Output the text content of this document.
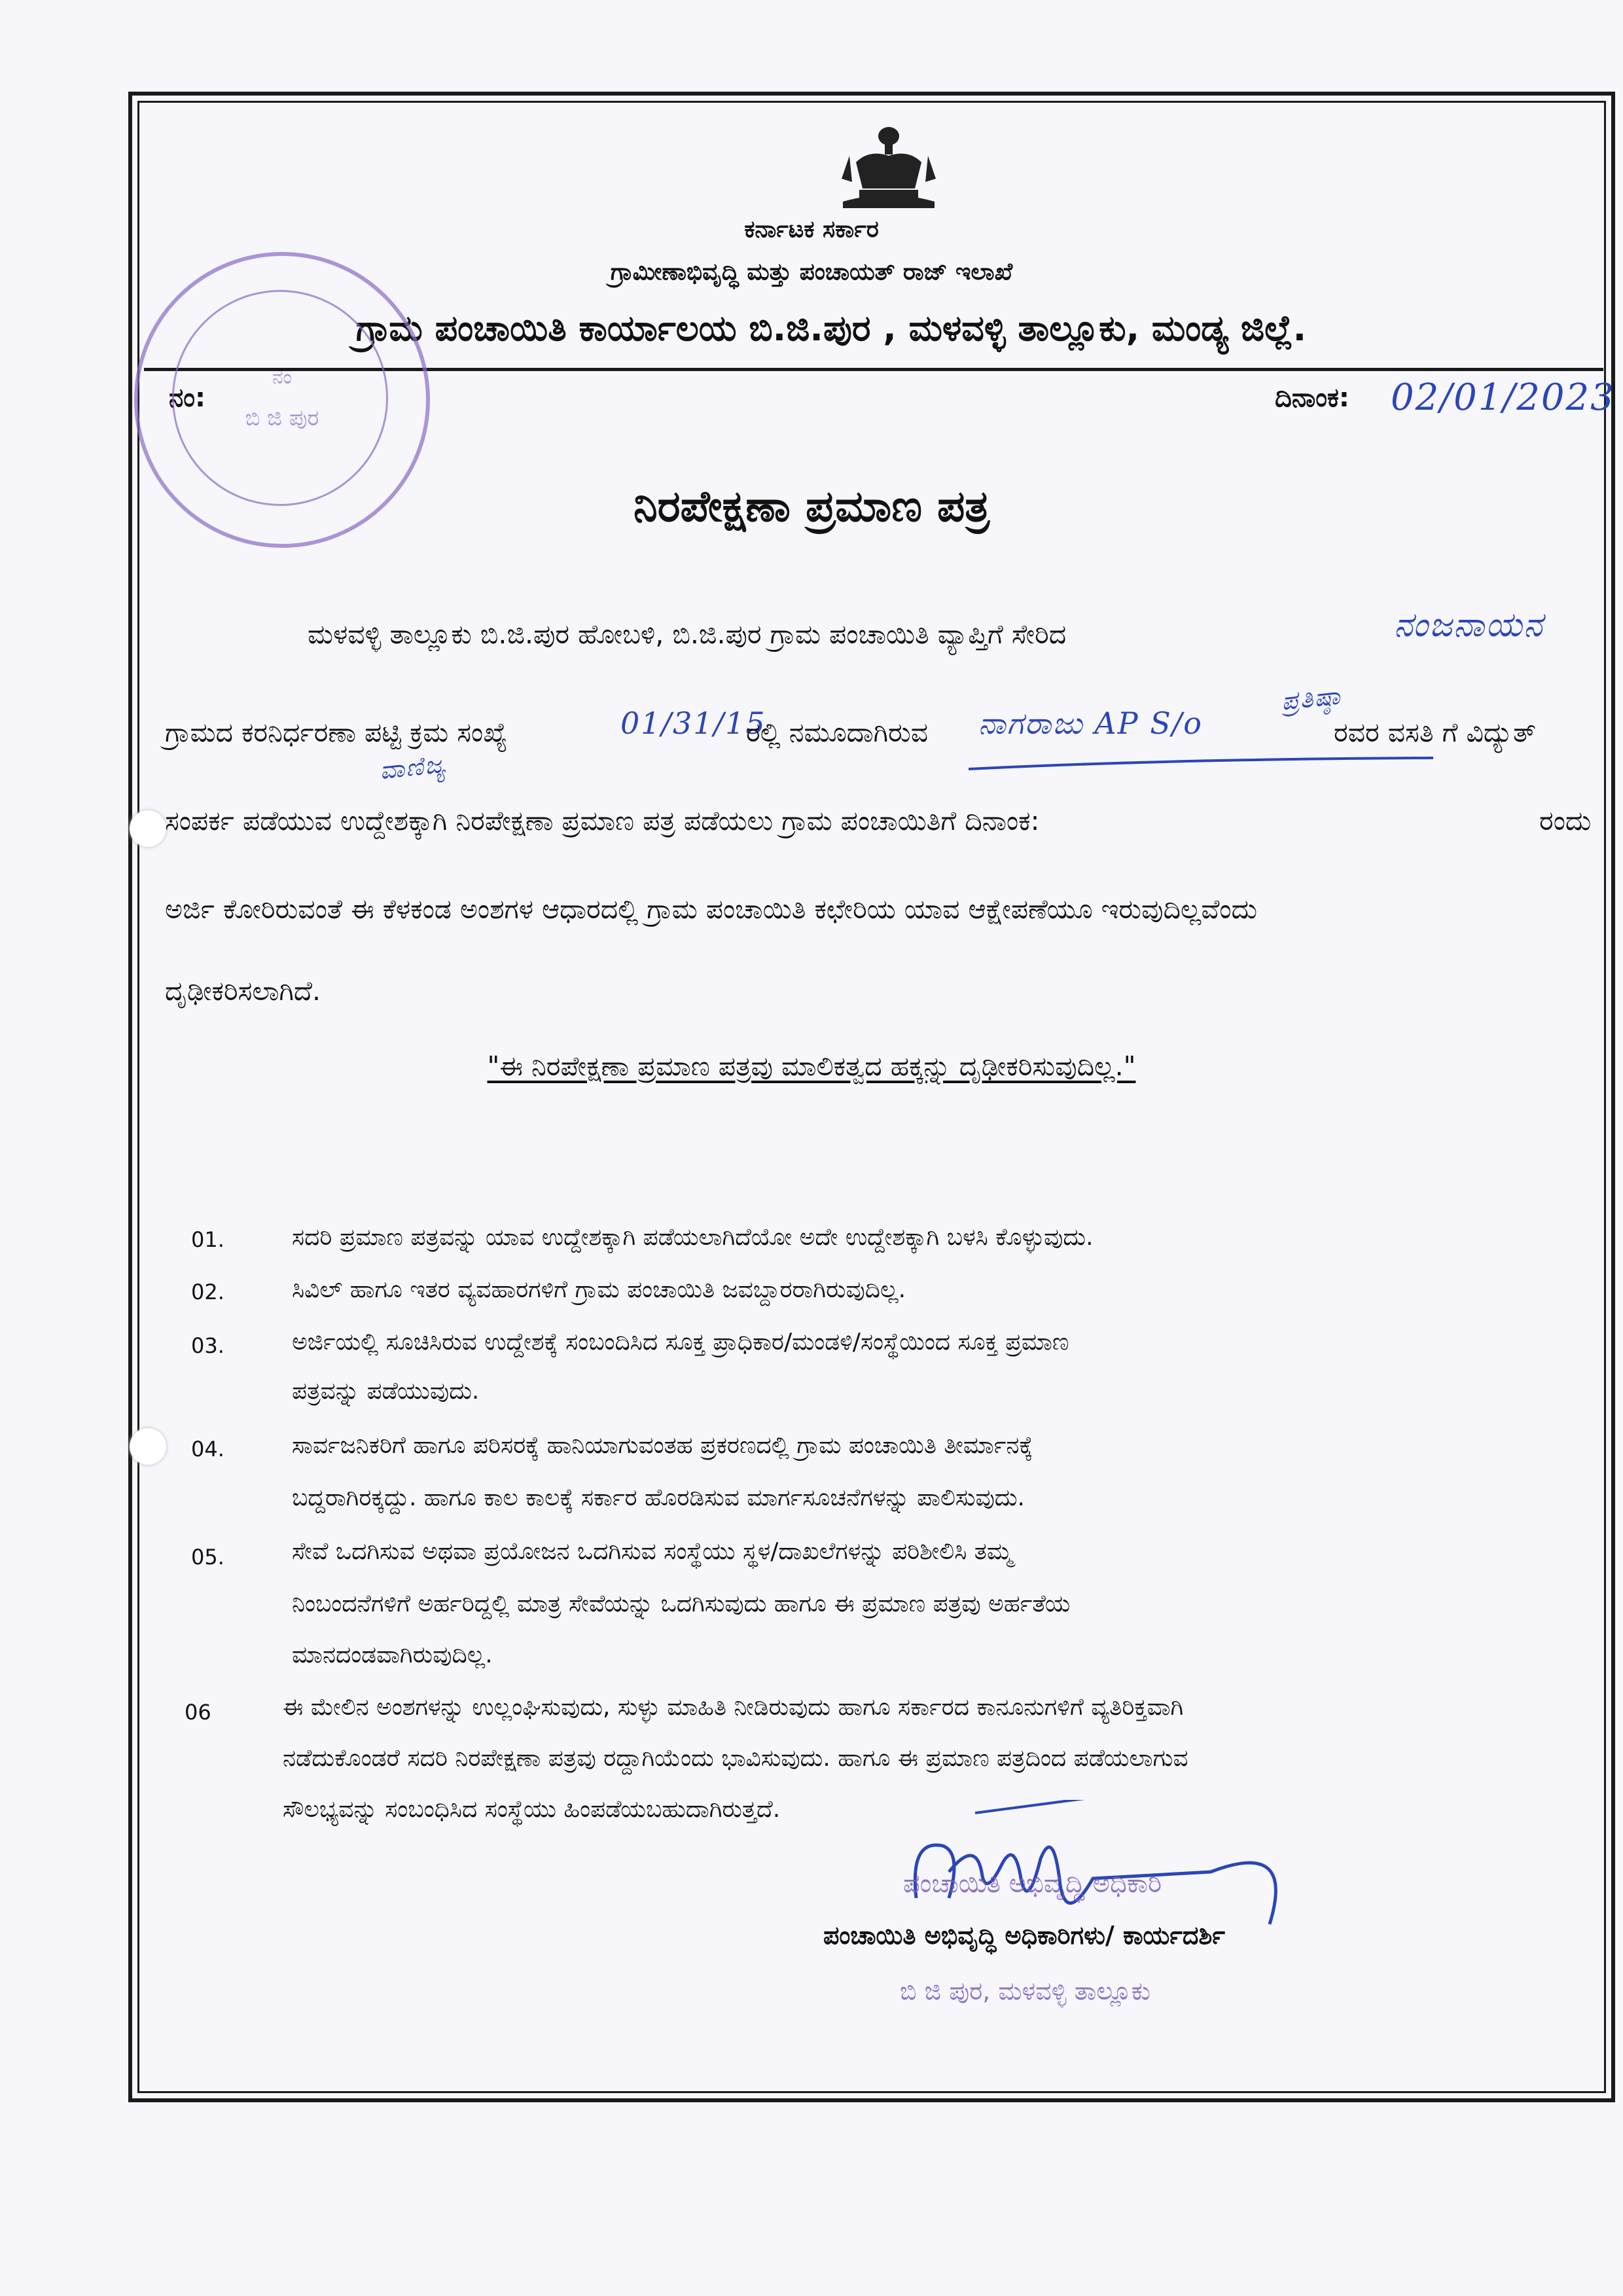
ಕರ್ನಾಟಕ ಸರ್ಕಾರ
ಗ್ರಾಮೀಣಾಭಿವೃದ್ಧಿ ಮತ್ತು ಪಂಚಾಯತ್ ರಾಜ್ ಇಲಾಖೆ
ಗ್ರಾಮ ಪಂಚಾಯಿತಿ ಕಾರ್ಯಾಲಯ ಬಿ.ಜಿ.ಪುರ , ಮಳವಳ್ಳಿ ತಾಲ್ಲೂಕು, ಮಂಡ್ಯ ಜಿಲ್ಲೆ.
ನಂ:	ದಿನಾಂಕ: 02/01/2023
ನಂ
ಬಿ ಜಿ ಪುರ
ನಿರಪೇಕ್ಷಣಾ ಪ್ರಮಾಣ ಪತ್ರ
ಮಳವಳ್ಳಿ ತಾಲ್ಲೂಕು ಬಿ.ಜಿ.ಪುರ ಹೋಬಳಿ, ಬಿ.ಜಿ.ಪುರ ಗ್ರಾಮ ಪಂಚಾಯಿತಿ ವ್ಯಾಪ್ತಿಗೆ ಸೇರಿದ	ನಂಜನಾಯನ
ಗ್ರಾಮದ ಕರನಿರ್ಧರಣಾ ಪಟ್ಟಿ ಕ್ರಮ ಸಂಖ್ಯೆ	01/31/15
ರಲ್ಲಿ ನಮೂದಾಗಿರುವ ನಾಗರಾಜು AP S/o
ಪ್ರತಿಷ್ಠಾ
ರವರ ವಸತಿ ಗೆ ವಿದ್ಯುತ್
ವಾಣಿಜ್ಯ
ಸಂಪರ್ಕ ಪಡೆಯುವ ಉದ್ದೇಶಕ್ಕಾಗಿ ನಿರಪೇಕ್ಷಣಾ ಪ್ರಮಾಣ ಪತ್ರ ಪಡೆಯಲು ಗ್ರಾಮ ಪಂಚಾಯಿತಿಗೆ ದಿನಾಂಕ:	ರಂದು
ಅರ್ಜಿ ಕೋರಿರುವಂತೆ ಈ ಕೆಳಕಂಡ ಅಂಶಗಳ ಆಧಾರದಲ್ಲಿ ಗ್ರಾಮ ಪಂಚಾಯಿತಿ ಕಛೇರಿಯ ಯಾವ ಆಕ್ಷೇಪಣೆಯೂ ಇರುವುದಿಲ್ಲವೆಂದು
ದೃಢೀಕರಿಸಲಾಗಿದೆ.
"ಈ ನಿರಪೇಕ್ಷಣಾ ಪ್ರಮಾಣ ಪತ್ರವು ಮಾಲಿಕತ್ವದ ಹಕ್ಕನ್ನು ದೃಢೀಕರಿಸುವುದಿಲ್ಲ."
01.	ಸದರಿ ಪ್ರಮಾಣ ಪತ್ರವನ್ನು ಯಾವ ಉದ್ದೇಶಕ್ಕಾಗಿ ಪಡೆಯಲಾಗಿದೆಯೋ ಅದೇ ಉದ್ದೇಶಕ್ಕಾಗಿ ಬಳಸಿ ಕೊಳ್ಳುವುದು.
02.	ಸಿವಿಲ್ ಹಾಗೂ ಇತರ ವ್ಯವಹಾರಗಳಿಗೆ ಗ್ರಾಮ ಪಂಚಾಯಿತಿ ಜವಬ್ದಾರರಾಗಿರುವುದಿಲ್ಲ.
03.	ಅರ್ಜಿಯಲ್ಲಿ ಸೂಚಿಸಿರುವ ಉದ್ದೇಶಕ್ಕೆ ಸಂಬಂದಿಸಿದ ಸೂಕ್ತ ಪ್ರಾಧಿಕಾರ/ಮಂಡಳಿ/ಸಂಸ್ಥೆಯಿಂದ ಸೂಕ್ತ ಪ್ರಮಾಣ
ಪತ್ರವನ್ನು ಪಡೆಯುವುದು.
04.	ಸಾರ್ವಜನಿಕರಿಗೆ ಹಾಗೂ ಪರಿಸರಕ್ಕೆ ಹಾನಿಯಾಗುವಂತಹ ಪ್ರಕರಣದಲ್ಲಿ ಗ್ರಾಮ ಪಂಚಾಯಿತಿ ತೀರ್ಮಾನಕ್ಕೆ
ಬದ್ದರಾಗಿರಕ್ಕದ್ದು. ಹಾಗೂ ಕಾಲ ಕಾಲಕ್ಕೆ ಸರ್ಕಾರ ಹೊರಡಿಸುವ ಮಾರ್ಗಸೂಚನೆಗಳನ್ನು ಪಾಲಿಸುವುದು.
05.	ಸೇವೆ ಒದಗಿಸುವ ಅಥವಾ ಪ್ರಯೋಜನ ಒದಗಿಸುವ ಸಂಸ್ಥೆಯು ಸ್ಥಳ/ದಾಖಲೆಗಳನ್ನು ಪರಿಶೀಲಿಸಿ ತಮ್ಮ
ನಿಂಬಂದನೆಗಳಿಗೆ ಅರ್ಹರಿದ್ದಲ್ಲಿ ಮಾತ್ರ ಸೇವೆಯನ್ನು ಒದಗಿಸುವುದು ಹಾಗೂ ಈ ಪ್ರಮಾಣ ಪತ್ರವು ಅರ್ಹತೆಯ
ಮಾನದಂಡವಾಗಿರುವುದಿಲ್ಲ.
06	ಈ ಮೇಲಿನ ಅಂಶಗಳನ್ನು ಉಲ್ಲಂಘಿಸುವುದು, ಸುಳ್ಳು ಮಾಹಿತಿ ನೀಡಿರುವುದು ಹಾಗೂ ಸರ್ಕಾರದ ಕಾನೂನುಗಳಿಗೆ ವ್ಯತಿರಿಕ್ತವಾಗಿ
ನಡೆದುಕೊಂಡರೆ ಸದರಿ ನಿರಪೇಕ್ಷಣಾ ಪತ್ರವು ರದ್ದಾಗಿಯೆಂದು ಭಾವಿಸುವುದು. ಹಾಗೂ ಈ ಪ್ರಮಾಣ ಪತ್ರದಿಂದ ಪಡೆಯಲಾಗುವ
ಸೌಲಭ್ಯವನ್ನು ಸಂಬಂಧಿಸಿದ ಸಂಸ್ಥೆಯು ಹಿಂಪಡೆಯಬಹುದಾಗಿರುತ್ತದೆ.
ಪಂಚಾಯಿತಿ ಅಭಿವೃದ್ಧಿ ಅಧಿಕಾರಿ
ಪಂಚಾಯಿತಿ ಅಭಿವೃದ್ಧಿ ಅಧಿಕಾರಿಗಳು/ ಕಾರ್ಯದರ್ಶಿ
ಬಿ ಜಿ ಪುರ, ಮಳವಳ್ಳಿ ತಾಲ್ಲೂಕು
